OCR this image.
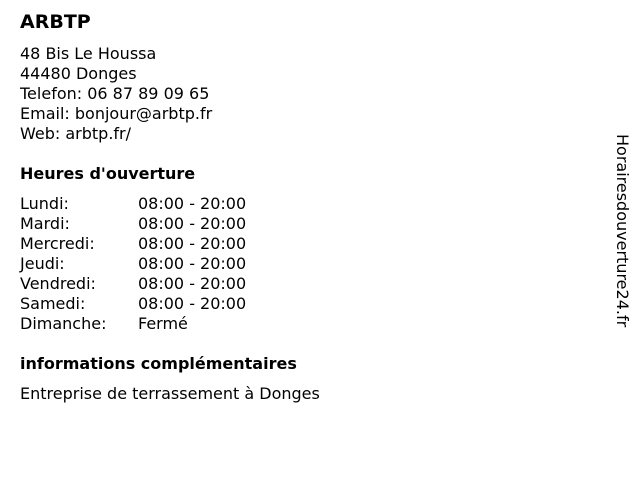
ARBTP
48 Bis Le Houssa
44480 Donges
Telefon: 06 87 89 09 65
Email: bonjour@arbtp.fr
Web: arbtp.fr/
Heures d'ouverture
Lundi:	08:00 - 20:00
Mardi:	08:00 - 20:00
Mercredi:	08:00 - 20:00
Jeudi:	08:00 - 20:00
Vendredi:	08:00 - 20:00
Samedi:	08:00 - 20:00
Dimanche:	Fermé
informations complémentaires
Entreprise de terrassement à Donges
Horairesdouverture24.fr
